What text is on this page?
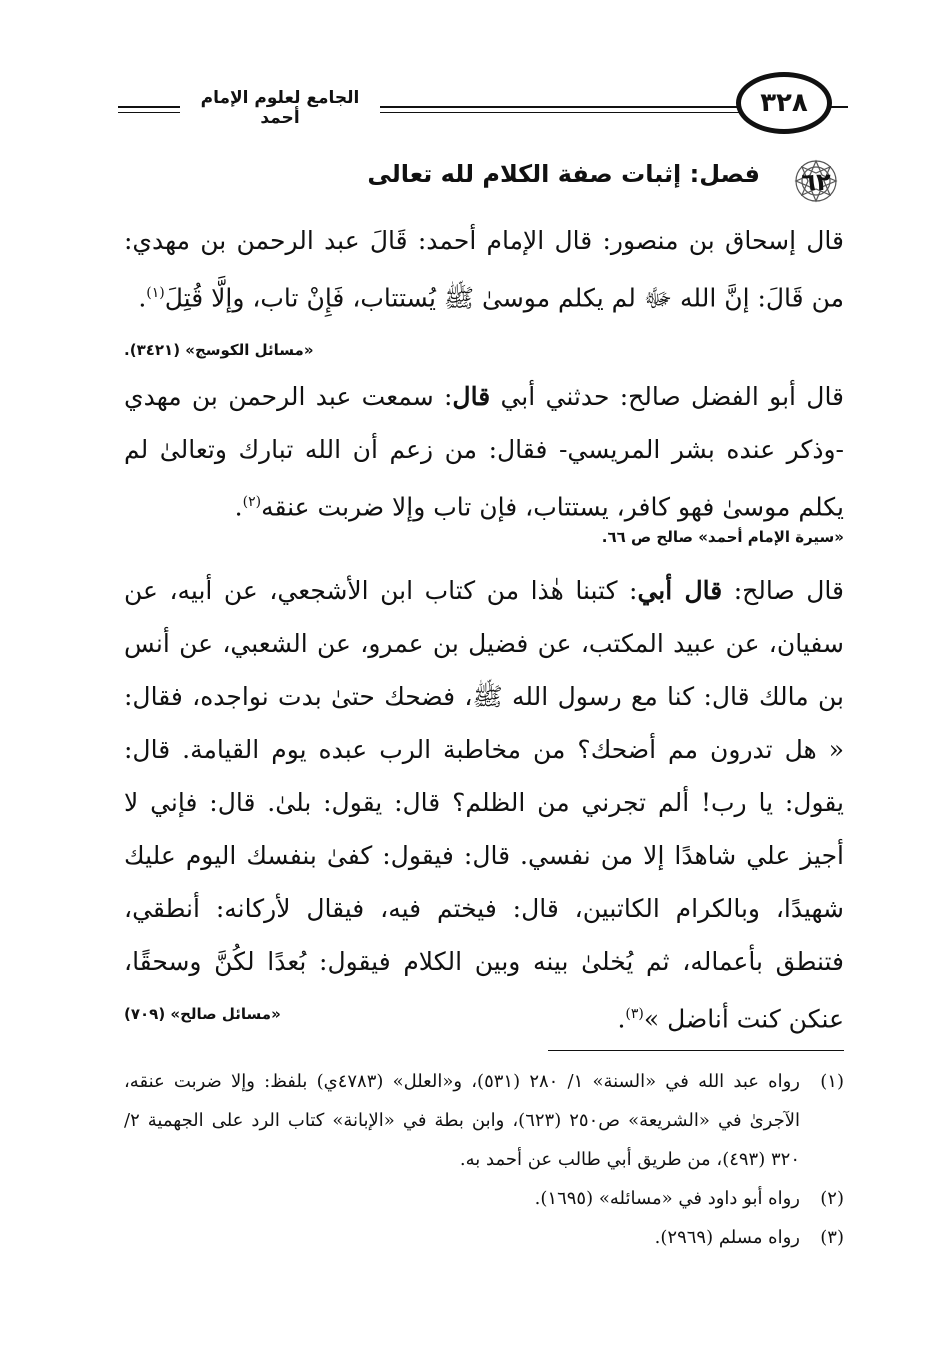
الجامع لعلوم الإمام أحمد	٣٢٨
٦٢
فصل: إثبات صفة الكلام لله تعالى
قال إسحاق بن منصور: قال الإمام أحمد: قَالَ عبد الرحمن بن مهدي: من قَالَ: إنَّ الله ﷻ لم يكلم موسىٰ ﷺ يُستتاب، فَإِنْ تاب، وإلَّا قُتِلَ$^{(١)}$.
«مسائل الكوسج» (٣٤٢١).
قال أبو الفضل صالح: حدثني أبي قال: سمعت عبد الرحمن بن مهدي -وذكر عنده بشر المريسي- فقال: من زعم أن الله تبارك وتعالىٰ لم يكلم موسىٰ فهو كافر، يستتاب، فإن تاب وإلا ضربت عنقه$^{(٢)}$.
«سيرة الإمام أحمد» صالح ص ٦٦.
قال صالح: قال أبي: كتبنا هٰذا من كتاب ابن الأشجعي، عن أبيه، عن سفيان، عن عبيد المكتب، عن فضيل بن عمرو، عن الشعبي، عن أنس بن مالك قال: كنا مع رسول الله ﷺ، فضحك حتىٰ بدت نواجده، فقال: « هل تدرون مم أضحك؟ من مخاطبة الرب عبده يوم القيامة. قال: يقول: يا رب! ألم تجرني من الظلم؟ قال: يقول: بلىٰ. قال: فإني لا أجيز علي شاهدًا إلا من نفسي. قال: فيقول: كفىٰ بنفسك اليوم عليك شهيدًا، وبالكرام الكاتبين، قال: فيختم فيه، فيقال لأركانه: أنطقي، فتنطق بأعماله، ثم يُخلىٰ بينه وبين الكلام فيقول: بُعدًا لكُنَّ وسحقًا، عنكن كنت أناضل »$^{(٣)}$.
«مسائل صالح» (٧٠٩)
(١)
رواه عبد الله في «السنة» ١/ ٢٨٠ (٥٣١)، و«العلل» (٤٧٨٣ي) بلفظ: وإلا ضربت عنقه، الآجرىٰ في «الشريعة» ص٢٥٠ (٦٢٣)، وابن بطة في «الإبانة» كتاب الرد على الجهمية ٢/ ٣٢٠ (٤٩٣)، من طريق أبي طالب عن أحمد به.
(٢)
رواه أبو داود في «مسائله» (١٦٩٥).
(٣)
رواه مسلم (٢٩٦٩).
